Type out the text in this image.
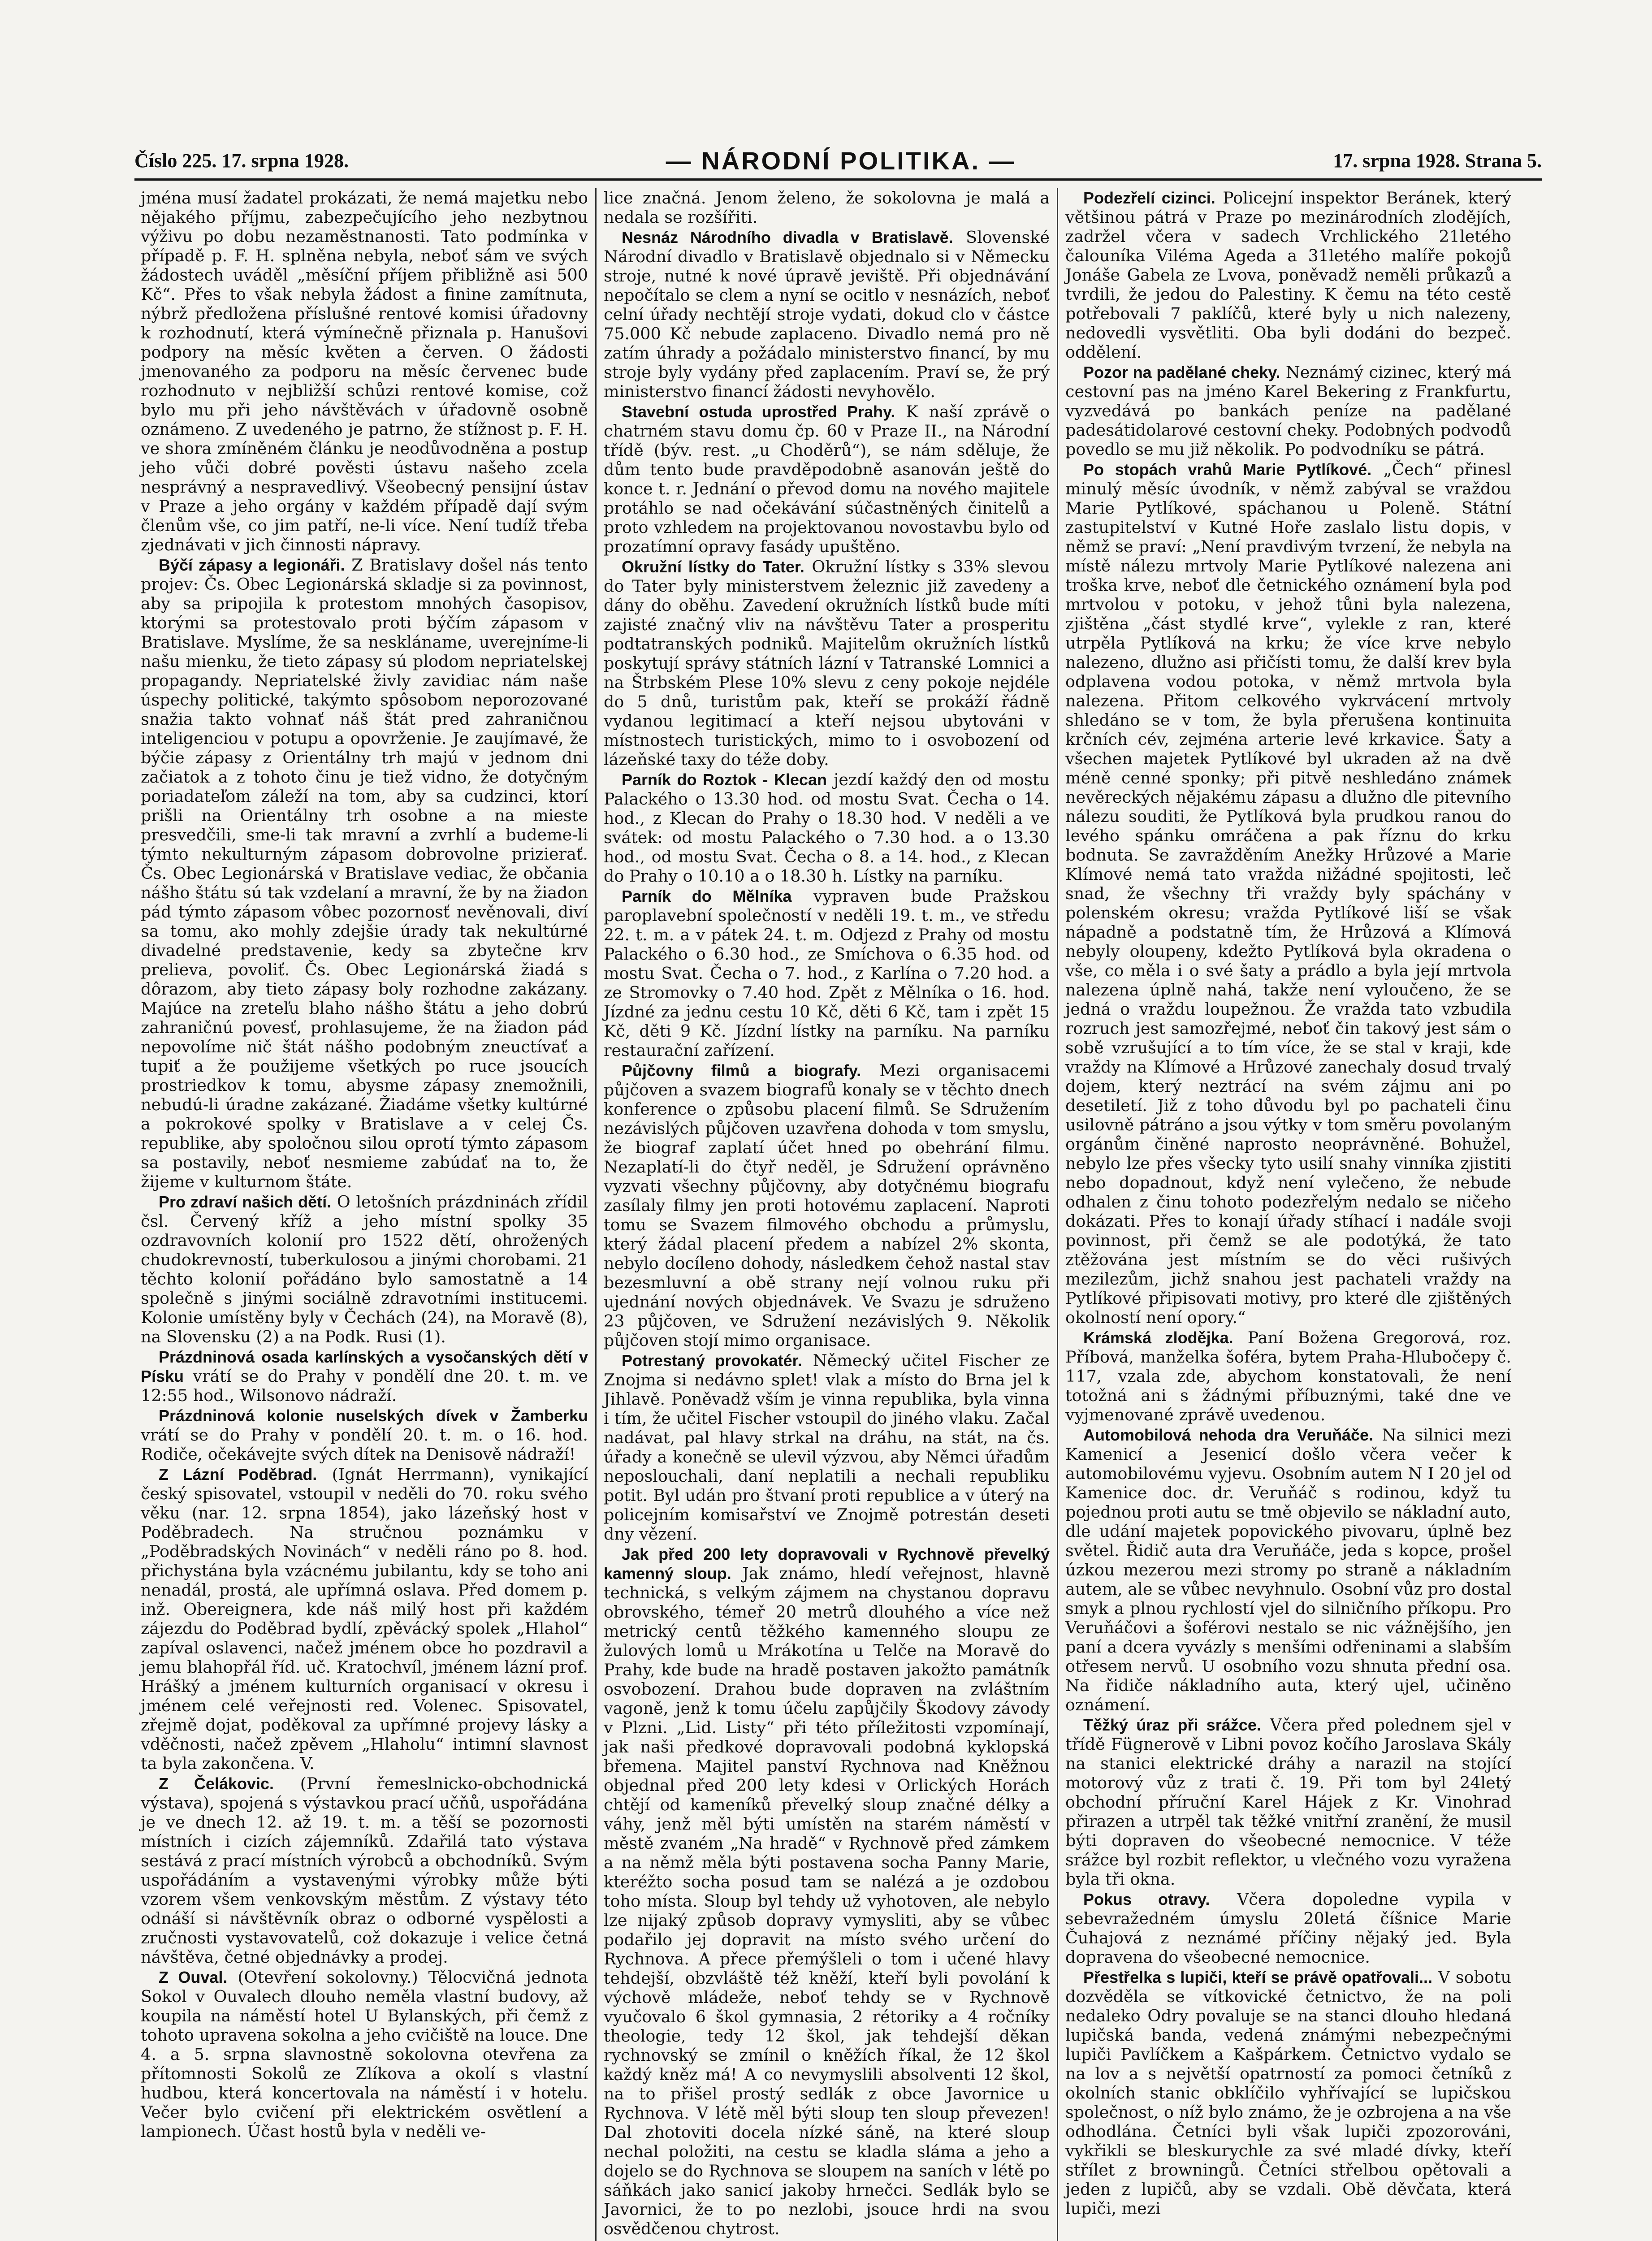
Číslo 225. 17. srpna 1928.	— NÁRODNÍ POLITIKA. —	17. srpna 1928. Strana 5.

jména musí žadatel prokázati, že nemá majetku nebo nějakého příjmu, zabezpečujícího jeho nezbytnou výživu po dobu nezaměstnanosti. Tato podmínka v případě p. F. H. splněna nebyla, neboť sám ve svých žádostech uváděl „měsíční příjem přibližně asi 500 Kč“. Přes to však nebyla žádost a finine zamítnuta, nýbrž předložena příslušné rentové komisi úřadovny k rozhodnutí, která výmínečně přiznala p. Hanušovi podpory na měsíc květen a červen. O žádosti jmenovaného za podporu na měsíc červenec bude rozhodnuto v nejbližší schůzi rentové komise, což bylo mu při jeho návštěvách v úřadovně osobně oznámeno. Z uvedeného je patrno, že stížnost p. F. H. ve shora zmíněném článku je neodůvodněna a postup jeho vůči dobré pověsti ústavu našeho zcela nesprávný a nespravedlivý. Všeobecný pensijní ústav v Praze a jeho orgány v každém případě dají svým členům vše, co jim patří, ne-li více. Není tudíž třeba zjednávati v jich činnosti nápravy.

Býčí zápasy a legionáři. Z Bratislavy došel nás tento projev: Čs. Obec Legionárská skladje si za povinnost, aby sa pripojila k protestom mnohých časopisov, ktorými sa protestovalo proti býčím zápasom v Bratislave. Myslíme, že sa neskláname, uverejníme-li našu mienku, že tieto zápasy sú plodom nepriatelskej propagandy. Nepriatelské živly zavidiac nám naše úspechy politické, takýmto spôsobom neporozované snažia takto vohnať náš štát pred zahraničnou inteligenciou v potupu a opovrženie. Je zaujímavé, že býčie zápasy z Orientálny trh majú v jednom dni začiatok a z tohoto činu je tiež vidno, že dotyčným poriadateľom záleží na tom, aby sa cudzinci, ktorí prišli na Orientálny trh osobne a na mieste presvedčili, sme-li tak mravní a zvrhlí a budeme-li týmto nekulturným zápasom dobrovolne prizierať. Čs. Obec Legionárská v Bratislave vediac, že občania nášho štátu sú tak vzdelaní a mravní, že by na žiadon pád týmto zápasom vôbec pozornosť nevěnovali, diví sa tomu, ako mohly zdejšie úrady tak nekultúrné divadelné predstavenie, kedy sa zbytečne krv prelieva, povoliť. Čs. Obec Legionárská žiadá s dôrazom, aby tieto zápasy boly rozhodne zakázany. Majúce na zreteľu blaho nášho štátu a jeho dobrú zahraničnú povesť, prohlasujeme, že na žiadon pád nepovolíme nič štát nášho podobným zneuctívať a tupiť a že použijeme všetkých po ruce jsoucích prostriedkov k tomu, abysme zápasy znemožnili, nebudú-li úradne zakázané. Žiadáme všetky kultúrné a pokrokové spolky v Bratislave a v celej Čs. republike, aby spoločnou silou oprotí týmto zápasom sa postavily, neboť nesmieme zabúdať na to, že žijeme v kulturnom štáte.

Pro zdraví našich dětí. O letošních prázdninách zřídil čsl. Červený kříž a jeho místní spolky 35 ozdravovních kolonií pro 1522 dětí, ohrožených chudokrevností, tuberkulosou a jinými chorobami. 21 těchto kolonií pořádáno bylo samostatně a 14 společně s jinými sociálně zdravotními institucemi. Kolonie umístěny byly v Čechách (24), na Moravě (8), na Slovensku (2) a na Podk. Rusi (1).

Prázdninová osada karlínských a vysočanských dětí v Písku vrátí se do Prahy v pondělí dne 20. t. m. ve 12:55 hod., Wilsonovo nádraží.

Prázdninová kolonie nuselských dívek v Žamberku vrátí se do Prahy v pondělí 20. t. m. o 16. hod. Rodiče, očekávejte svých dítek na Denisově nádraží!

Z Lázní Poděbrad. (Ignát Herrmann), vynikající český spisovatel, vstoupil v neděli do 70. roku svého věku (nar. 12. srpna 1854), jako lázeňský host v Poděbradech. Na stručnou poznámku v „Poděbradských Novinách“ v neděli ráno po 8. hod. přichystána byla vzácnému jubilantu, kdy se toho ani nenadál, prostá, ale upřímná oslava. Před domem p. inž. Obereignera, kde náš milý host při každém zájezdu do Poděbrad bydlí, zpěvácký spolek „Hlahol“ zapíval oslavenci, načež jménem obce ho pozdravil a jemu blahopřál říd. uč. Kratochvíl, jménem lázní prof. Hrášký a jménem kulturních organisací v okresu i jménem celé veřejnosti red. Volenec. Spisovatel, zřejmě dojat, poděkoval za upřímné projevy lásky a vděčnosti, načež zpěvem „Hlaholu“ intimní slavnost ta byla zakončena. V.

Z Čelákovic. (První řemeslnicko-obchodnická výstava), spojená s výstavkou prací učňů, uspořádána je ve dnech 12. až 19. t. m. a těší se pozornosti místních i cizích zájemníků. Zdařilá tato výstava sestává z prací místních výrobců a obchodníků. Svým uspořádáním a vystavenými výrobky může býti vzorem všem venkovským městům. Z výstavy této odnáší si návštěvník obraz o odborné vyspělosti a zručnosti vystavovatelů, což dokazuje i velice četná návštěva, četné objednávky a prodej.

Z Ouval. (Otevření sokolovny.) Tělocvičná jednota Sokol v Ouvalech dlouho neměla vlastní budovy, až koupila na náměstí hotel U Bylanských, při čemž z tohoto upravena sokolna a jeho cvičiště na louce. Dne 4. a 5. srpna slavnostně sokolovna otevřena za přítomnosti Sokolů ze Zlíkova a okolí s vlastní hudbou, která koncertovala na náměstí i v hotelu. Večer bylo cvičení při elektrickém osvětlení a lampionech. Účast hostů byla v neděli ve-

lice značná. Jenom želeno, že sokolovna je malá a nedala se rozšířiti.

Nesnáz Národního divadla v Bratislavě. Slovenské Národní divadlo v Bratislavě objednalo si v Německu stroje, nutné k nové úpravě jeviště. Při objednávání nepočítalo se clem a nyní se ocitlo v nesnázích, neboť celní úřady nechtějí stroje vydati, dokud clo v částce 75.000 Kč nebude zaplaceno. Divadlo nemá pro ně zatím úhrady a požádalo ministerstvo financí, by mu stroje byly vydány před zaplacením. Praví se, že prý ministerstvo financí žádosti nevyhovělo.

Stavební ostuda uprostřed Prahy. K naší zprávě o chatrném stavu domu čp. 60 v Praze II., na Národní třídě (býv. rest. „u Choděrů“), se nám sděluje, že dům tento bude pravděpodobně asanován ještě do konce t. r. Jednání o převod domu na nového majitele protáhlo se nad očekávání súčastněných činitelů a proto vzhledem na projektovanou novostavbu bylo od prozatímní opravy fasády upuštěno.

Okružní lístky do Tater. Okružní lístky s 33% slevou do Tater byly ministerstvem železnic již zavedeny a dány do oběhu. Zavedení okružních lístků bude míti zajisté značný vliv na návštěvu Tater a prosperitu podtatranských podniků. Majitelům okružních lístků poskytují správy státních lázní v Tatranské Lomnici a na Štrbském Plese 10% slevu z ceny pokoje nejdéle do 5 dnů, turistům pak, kteří se prokáží řádně vydanou legitimací a kteří nejsou ubytováni v místnostech turistických, mimo to i osvobození od lázeňské taxy do téže doby.

Parník do Roztok - Klecan jezdí každý den od mostu Palackého o 13.30 hod. od mostu Svat. Čecha o 14. hod., z Klecan do Prahy o 18.30 hod. V neděli a ve svátek: od mostu Palackého o 7.30 hod. a o 13.30 hod., od mostu Svat. Čecha o 8. a 14. hod., z Klecan do Prahy o 10.10 a o 18.30 h. Lístky na parníku.

Parník do Mělníka vypraven bude Pražskou paroplavební společností v neděli 19. t. m., ve středu 22. t. m. a v pátek 24. t. m. Odjezd z Prahy od mostu Palackého o 6.30 hod., ze Smíchova o 6.35 hod. od mostu Svat. Čecha o 7. hod., z Karlína o 7.20 hod. a ze Stromovky o 7.40 hod. Zpět z Mělníka o 16. hod. Jízdné za jednu cestu 10 Kč, děti 6 Kč, tam i zpět 15 Kč, děti 9 Kč. Jízdní lístky na parníku. Na parníku restaurační zařízení.

Půjčovny filmů a biografy. Mezi organisacemi půjčoven a svazem biografů konaly se v těchto dnech konference o způsobu placení filmů. Se Sdružením nezávislých půjčoven uzavřena dohoda v tom smyslu, že biograf zaplatí účet hned po obehrání filmu. Nezaplatí-li do čtyř neděl, je Sdružení oprávněno vyzvati všechny půjčovny, aby dotyčnému biografu zasílaly filmy jen proti hotovému zaplacení. Naproti tomu se Svazem filmového obchodu a průmyslu, který žádal placení předem a nabízel 2% skonta, nebylo docíleno dohody, následkem čehož nastal stav bezesmluvní a obě strany nejí volnou ruku při ujednání nových objednávek. Ve Svazu je sdruženo 23 půjčoven, ve Sdružení nezávislých 9. Několik půjčoven stojí mimo organisace.

Potrestaný provokatér. Německý učitel Fischer ze Znojma si nedávno splet! vlak a místo do Brna jel k Jihlavě. Poněvadž vším je vinna republika, byla vinna i tím, že učitel Fischer vstoupil do jiného vlaku. Začal nadávat, pal hlavy strkal na dráhu, na stát, na čs. úřady a konečně se ulevil výzvou, aby Němci úřadům neposlouchali, daní neplatili a nechali republiku potit. Byl udán pro štvaní proti republice a v úterý na policejním komisařství ve Znojmě potrestán deseti dny vězení.

Jak před 200 lety dopravovali v Rychnově převelký kamenný sloup. Jak známo, hledí veřejnost, hlavně technická, s velkým zájmem na chystanou dopravu obrovského, témeř 20 metrů dlouhého a více než metrický centů těžkého kamenného sloupu ze žulových lomů u Mrákotína u Telče na Moravě do Prahy, kde bude na hradě postaven jakožto památník osvobození. Drahou bude dopraven na zvláštním vagoně, jenž k tomu účelu zapůjčily Škodovy závody v Plzni. „Lid. Listy“ při této příležitosti vzpomínají, jak naši předkové dopravovali podobná kyklopská břemena. Majitel panství Rychnova nad Kněžnou objednal před 200 lety kdesi v Orlických Horách chtějí od kameníků převelký sloup značné délky a váhy, jenž měl býti umístěn na starém náměstí v městě zvaném „Na hradě“ v Rychnově před zámkem a na němž měla býti postavena socha Panny Marie, kteréžto socha posud tam se nalézá a je ozdobou toho místa. Sloup byl tehdy už vyhotoven, ale nebylo lze nijaký způsob dopravy vymysliti, aby se vůbec podařilo jej dopravit na místo svého určení do Rychnova. A přece přemýšleli o tom i učené hlavy tehdejší, obzvláště též kněží, kteří byli povolání k výchově mládeže, neboť tehdy se v Rychnově vyučovalo 6 škol gymnasia, 2 rétoriky a 4 ročníky theologie, tedy 12 škol, jak tehdejší děkan rychnovský se zmínil o kněžích říkal, že 12 škol každý kněz má! A co nevymyslili absolventi 12 škol, na to přišel prostý sedlák z obce Javornice u Rychnova. V létě měl býti sloup ten sloup převezen! Dal zhotoviti docela nízké sáně, na které sloup nechal položiti, na cestu se kladla sláma a jeho a dojelo se do Rychnova se sloupem na saních v létě po sáňkách jako sanicí jakoby hrnečci. Sedlák bylo se Javornici, že to po nezlobi, jsouce hrdi na svou osvědčenou chytrost.

Podezřelí cizinci. Policejní inspektor Beránek, který většinou pátrá v Praze po mezinárodních zlodějích, zadržel včera v sadech Vrchlického 21letého čalouníka Viléma Ageda a 31letého malíře pokojů Jonáše Gabela ze Lvova, poněvadž neměli průkazů a tvrdili, že jedou do Palestiny. K čemu na této cestě potřebovali 7 paklíčů, které byly u nich nalezeny, nedovedli vysvětliti. Oba byli dodáni do bezpeč. oddělení.

Pozor na padělané cheky. Neznámý cizinec, který má cestovní pas na jméno Karel Bekering z Frankfurtu, vyzvedává po bankách peníze na padělané padesátidolarové cestovní cheky. Podobných podvodů povedlo se mu již několik. Po podvodníku se pátrá.

Po stopách vrahů Marie Pytlíkové. „Čech“ přinesl minulý měsíc úvodník, v němž zabýval se vraždou Marie Pytlíkové, spáchanou u Poleně. Státní zastupitelství v Kutné Hoře zaslalo listu dopis, v němž se praví: „Není pravdivým tvrzení, že nebyla na místě nálezu mrtvoly Marie Pytlíkové nalezena ani troška krve, neboť dle četnického oznámení byla pod mrtvolou v potoku, v jehož tůni byla nalezena, zjištěna „část stydlé krve“, vylekle z ran, které utrpěla Pytlíková na krku; že více krve nebylo nalezeno, dlužno asi přičísti tomu, že další krev byla odplavena vodou potoka, v němž mrtvola byla nalezena. Přitom celkového vykrvácení mrtvoly shledáno se v tom, že byla přerušena kontinuita krčních cév, zejména arterie levé krkavice. Šaty a všechen majetek Pytlíkové byl ukraden až na dvě méně cenné sponky; při pitvě neshledáno známek nevěreckých nějakému zápasu a dlužno dle pitevního nálezu souditi, že Pytlíková byla prudkou ranou do levého spánku omráčena a pak říznu do krku bodnuta. Se zavražděním Anežky Hrůzové a Marie Klímové nemá tato vražda nižádné spojitosti, leč snad, že všechny tři vraždy byly spáchány v polenském okresu; vražda Pytlíkové liší se však nápadně a podstatně tím, že Hrůzová a Klímová nebyly oloupeny, kdežto Pytlíková byla okradena o vše, co měla i o své šaty a prádlo a byla její mrtvola nalezena úplně nahá, takže není vyloučeno, že se jedná o vraždu loupežnou. Že vražda tato vzbudila rozruch jest samozřejmé, neboť čin takový jest sám o sobě vzrušující a to tím více, že se stal v kraji, kde vraždy na Klímové a Hrůzové zanechaly dosud trvalý dojem, který neztrácí na svém zájmu ani po desetiletí. Již z toho důvodu byl po pachateli činu usilovně pátráno a jsou výtky v tom směru povolaným orgánům činěné naprosto neoprávněné. Bohužel, nebylo lze přes všecky tyto usilí snahy vinníka zjistiti nebo dopadnout, když není vylečeno, že nebude odhalen z činu tohoto podezřelým nedalo se ničeho dokázati. Přes to konají úřady stíhací i nadále svoji povinnost, při čemž se ale podotýká, že tato ztěžována jest místním se do věci rušivých mezilezům, jichž snahou jest pachateli vraždy na Pytlíkové připisovati motivy, pro které dle zjištěných okolností není opory.“

Krámská zlodějka. Paní Božena Gregorová, roz. Příbová, manželka šoféra, bytem Praha-Hlubočepy č. 117, vzala zde, abychom konstatovali, že není totožná ani s žádnými příbuznými, také dne ve vyjmenované zprávě uvedenou.

Automobilová nehoda dra Veruňáče. Na silnici mezi Kamenicí a Jesenicí došlo včera večer k automobilovému vyjevu. Osobním autem N I 20 jel od Kamenice doc. dr. Veruňáč s rodinou, když tu pojednou proti autu se tmě objevilo se nákladní auto, dle udání majetek popovického pivovaru, úplně bez světel. Řidič auta dra Veruňáče, jeda s kopce, prošel úzkou mezerou mezi stromy po straně a nákladním autem, ale se vůbec nevyhnulo. Osobní vůz pro dostal smyk a plnou rychlostí vjel do silničního příkopu. Pro Veruňáčovi a šoférovi nestalo se nic vážnějšího, jen paní a dcera vyvázly s menšími odřeninami a slabším otřesem nervů. U osobního vozu shnuta přední osa. Na řidiče nákladního auta, který ujel, učiněno oznámení.

Těžký úraz při srážce. Včera před polednem sjel v třídě Fügnerově v Libni povoz kočího Jaroslava Skály na stanici elektrické dráhy a narazil na stojící motorový vůz z trati č. 19. Při tom byl 24letý obchodní příruční Karel Hájek z Kr. Vinohrad přirazen a utrpěl tak těžké vnitřní zranění, že musil býti dopraven do všeobecné nemocnice. V téže srážce byl rozbit reflektor, u vlečného vozu vyražena byla tři okna.

Pokus otravy. Včera dopoledne vypila v sebevražedném úmyslu 20letá číšnice Marie Čuhajová z neznámé příčiny nějaký jed. Byla dopravena do všeobecné nemocnice.

Přestřelka s lupiči, kteří se právě opatřovali... V sobotu dozvěděla se vítkovické četnictvo, že na poli nedaleko Odry povaluje se na stanci dlouho hledaná lupičská banda, vedená známými nebezpečnými lupiči Pavlíčkem a Kašpárkem. Četnictvo vydalo se na lov a s největší opatrností za pomoci četníků z okolních stanic obklíčilo vyhřívající se lupičskou společnost, o níž bylo známo, že je ozbrojena a na vše odhodlána. Četníci byli však lupiči zpozorováni, vykřikli se bleskurychle za své mladé dívky, kteří střílet z browningů. Četníci střelbou opětovali a jeden z lupičů, aby se vzdali. Obě děvčata, která lupiči, mezi
